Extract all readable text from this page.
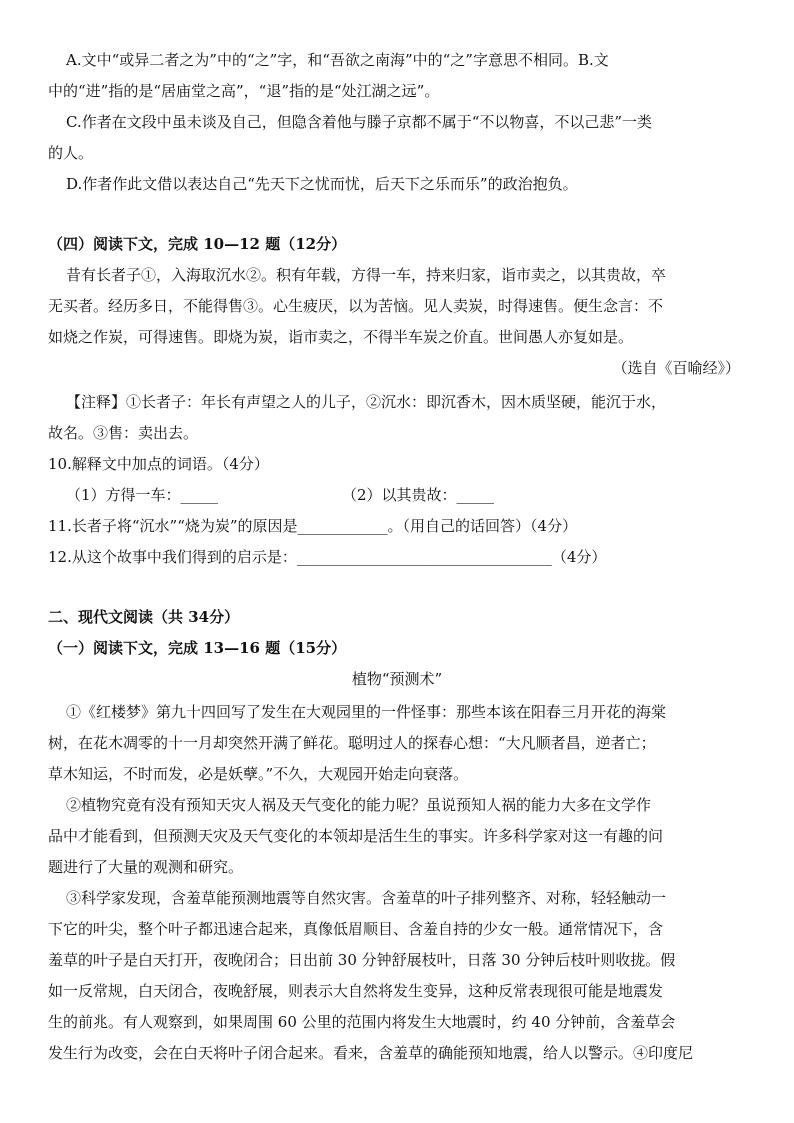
A.文中“或异二者之为”中的“之”字，和“吾欲之南海”中的“之”字意思不相同。B.文
中的“进”指的是“居庙堂之高”，“退”指的是“处江湖之远”。
C.作者在文段中虽未谈及自己，但隐含着他与滕子京都不属于“不以物喜，不以己悲”一类
的人。
D.作者作此文借以表达自己“先天下之忧而忧，后天下之乐而乐”的政治抱负。
（四）阅读下文，完成 10—12 题（12分）
昔有长者子①，入海取沉水②。积有年载，方得一车，持来归家，诣市卖之，以其贵故，卒
无买者。经历多日，不能得售③。心生疲厌，以为苦恼。见人卖炭，时得速售。便生念言：不
如烧之作炭，可得速售。即烧为炭，诣市卖之，不得半车炭之价直。世间愚人亦复如是。
（选自《百喻经》）
【注释】①长者子：年长有声望之人的儿子，②沉水：即沉香木，因木质坚硬，能沉于水，
故名。③售：卖出去。
10.解释文中加点的词语。（4分）
（1）方得一车：_____	（2）以其贵故：_____
11.长者子将“沉水”“烧为炭”的原因是____________。（用自己的话回答）（4分）
12.从这个故事中我们得到的启示是：__________________________________（4分）
二、现代文阅读（共 34分）
（一）阅读下文，完成 13—16 题（15分）
植物“预测术”
①《红楼梦》第九十四回写了发生在大观园里的一件怪事：那些本该在阳春三月开花的海棠
树，在花木凋零的十一月却突然开满了鲜花。聪明过人的探春心想：“大凡顺者昌，逆者亡；
草木知运，不时而发，必是妖孽。”不久，大观园开始走向衰落。
②植物究竟有没有预知天灾人祸及天气变化的能力呢？虽说预知人祸的能力大多在文学作
品中才能看到，但预测天灾及天气变化的本领却是活生生的事实。许多科学家对这一有趣的问
题进行了大量的观测和研究。
③科学家发现，含羞草能预测地震等自然灾害。含羞草的叶子排列整齐、对称，轻轻触动一
下它的叶尖，整个叶子都迅速合起来，真像低眉顺目、含羞自持的少女一般。通常情况下，含
羞草的叶子是白天打开，夜晚闭合；日出前 30 分钟舒展枝叶，日落 30 分钟后枝叶则收拢。假
如一反常规，白天闭合，夜晚舒展，则表示大自然将发生变异，这种反常表现很可能是地震发
生的前兆。有人观察到，如果周围 60 公里的范围内将发生大地震时，约 40 分钟前，含羞草会
发生行为改变，会在白天将叶子闭合起来。看来，含羞草的确能预知地震，给人以警示。④印度尼
